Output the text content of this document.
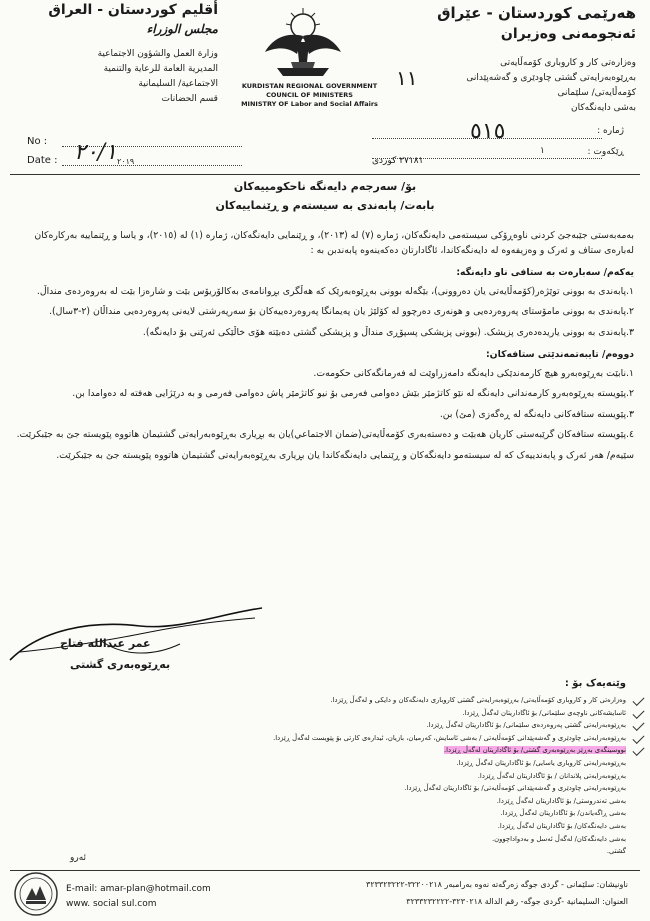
هەرێمی کوردستان - عێراق
ئەنجومەنی وەزیران
وەزارەتی کار و کاروباری کۆمەڵایەتی
بەڕێوەبەرایەتی گشتی چاودێری و گەشەپێدانی
کۆمەڵایەتی/ سلێمانی
بەشی دایەنگەکان
أقليم كوردستان - العراق
مجلس الوزراء
وزارة العمل والشؤون الاجتماعية
المديرية العامة للرعاية والتنمية
الاجتماعية/ السليمانية
قسم الحضانات
KURDISTAN REGIONAL GOVERNMENT
COUNCIL OF MINISTERS
MINISTRY OF Labor and Social Affairs
١١
No :
Date : ٢٠/١ ٢٠١٩
ژمارە :
٥١٥
ڕێکەوت :
١
٢٧١٨١ کوردی
بۆ/ سەرجەم دایەنگە ناحکومییەکان
بابەت/ پابەندی بە سیستەم و ڕێنماییەکان

بەمەبەستی جێبەجێ کردنی ناوەڕۆکی سیستەمی دایەنگەکان، ژمارە (٧) لە (٢٠١٣)، و ڕێنمایی دایەنگەکان، ژمارە (١) لە (٢٠١٥)، و یاسا و ڕێنماییە بەرکارەکان لەبارەی ستاف و ئەرک و وەزیفەوە لە دایەنگەکاندا، ئاگادارتان دەکەینەوە پابەندبن بە :

یەکەم/ سەبارەت بە ستافی ناو دایەنگە:

١.پابەندی بە بوونی توێژەر(کۆمەڵایەتی یان دەروونی)، بێگەلە بوونی بەڕێوەبەرێک کە هەڵگری بڕوانامەی بەکالۆریۆس بێت و شارەزا بێت لە بەروەردەی منداڵ.

٢.پابەندی بە بوونی مامۆستای پەروەردەیی و هونەری دەرچوو لە کۆلێژ یان پەیمانگا پەروەردەییەکان بۆ سەرپەرشتی لایەنی پەروەردەیی منداڵان (٢-٣سال).

٣.پابەندی بە بوونی یاریدەدەری پزیشک. (بوونی پزیشکی پسپۆڕی منداڵ و پزیشکی گشتی دەبێتە هۆی خاڵێکی ئەرێنی بۆ دایەنگە).

دووەم/ تایبەتمەندێتی ستافەکان:

١.نابێت بەڕێوەبەرو هیچ کارمەندێکی دایەنگە دامەزراوێت لە فەرمانگەکانی حکومەت.

٢.پێویستە بەڕێوەبەرو کارمەندانی دایەنگە لە نێو کاتژمێر بێش دەوامی فەرمی بۆ نیو کاتژمێر پاش دەوامی فەرمی و بە درێژایی هەفتە لە دەوامدا بن.

٣.پێویستە ستافەکانی دایەنگە لە ڕەگەزی (مێ) بن.

٤.پێویستە ستافەکان گرێبەستی کاریان هەبێت و دەستەبەری کۆمەڵایەتی(ضمان الاجتماعي)یان بە بڕیاری بەڕێوەبەرایەتی گشتیمان هاتووە پێویستە جێ بە جێبکرێت.

سێیەم/ هەر ئەرک و پابەندییەک کە لە سیستەمو دایەنگەکان و ڕێنمایی دایەنگەکاندا یان بڕیاری بەڕێوەبەرایەتی گشتیمان هاتووە پێویستە جێ بە جێبکرێت.

عمر عبدالله فتاح
بەڕێوەبەری گشتی
وێنەیەک بۆ :
وەزارەتی کار و کاروباری کۆمەڵایەتی/ بەڕێوەبەرایەتی گشتی کاروباری دایەنگەکان و دایکی و لەگەڵ ڕێزدا.
ئاسایشەکانی ناوچەی سلێمانی/ بۆ ئاگاداریتان لەگەڵ ڕێزدا.
بەڕێوەبەرایەتی گشتی پەروەردەی سلێمانی/ بۆ ئاگاداریتان لەگەڵ ڕێزدا.
بەڕێوەبەرایەتی چاودێری و گەشەپێدانی کۆمەڵایەتی / بەشی ئاسایش، کەرمیان، بازیان، ئیدارەی کارتی بۆ پێویست لەگەڵ ڕێزدا.
نووسینگەی بەڕێز بەڕێوەبەری گشتی/ بۆ ئاگاداریتان لەگەڵ ڕێزدا.
بەڕێوەبەرایەتی کاروباری یاسایی/ بۆ ئاگاداریتان لەگەڵ ڕێزدا.
بەڕێوەبەرایەتی پلاندانان / بۆ ئاگاداریتان لەگەڵ ڕێزدا.
بەڕێوەبەرایەتی چاودێری و گەشەپێدانی کۆمەڵایەتی/ بۆ ئاگاداریتان لەگەڵ ڕێزدا.
بەشی تەندروستی/ بۆ ئاگاداریتان لەگەڵ ڕێزدا.
بەشی ڕاگەیاندن/ بۆ ئاگاداریتان لەگەڵ ڕێزدا.
بەشی دایەنگەکان/ بۆ ئاگاداریتان لەگەڵ ڕێزدا.
بەشی دایەنگەکان/ لەگەڵ ئەسل و بەدواداچوون.
گشتی.
ئەرو
E-mail: amar-plan@hotmail.com
www. social sul.com
ناونیشان: سلێمانی - گردی جوگە زەرگەتە نەوە بەرامبەر ٣٢٢٠٠٢١٨-٣٢٣٣٢٣٢٢٢
العنوان: السليمانية -گردی جوگە- رقم الدالة ٣٢٣٠٢١٨-٣٢٣٣٢٣٢٢٢٢
